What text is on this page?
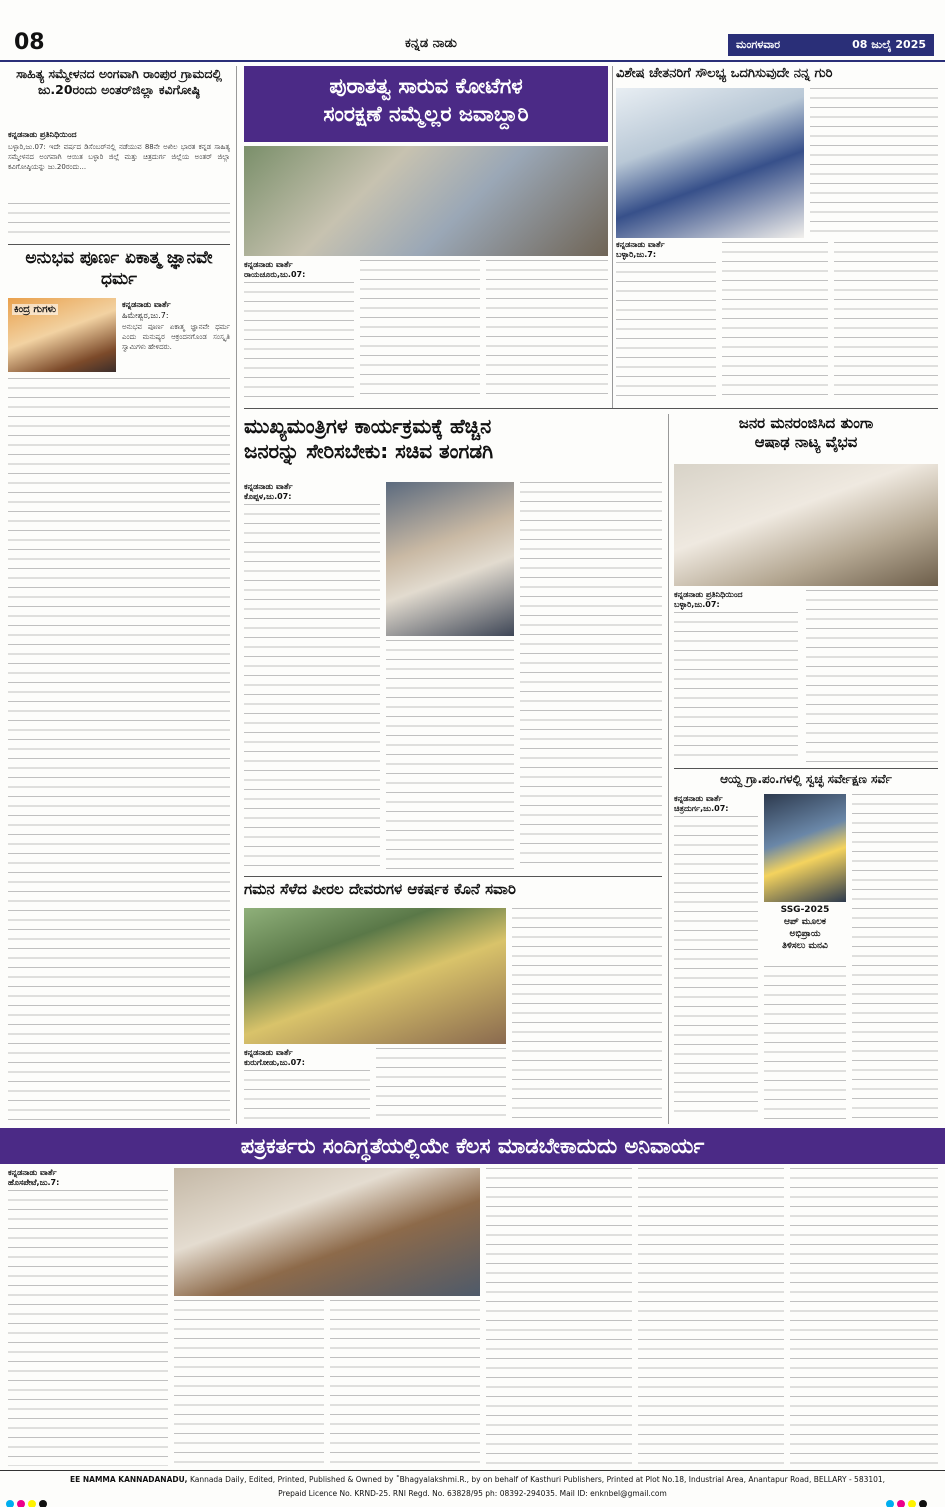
08	ಕನ್ನಡ ನಾಡು	ಮಂಗಳವಾರ	08 ಜುಲೈ 2025
ಸಾಹಿತ್ಯ ಸಮ್ಮೇಳನದ ಅಂಗವಾಗಿ ರಾಂಪುರ ಗ್ರಾಮದಲ್ಲಿ ಜು.20ರಂದು ಅಂತರ್‌ಜಿಲ್ಲಾ ಕವಿಗೋಷ್ಠಿ
ಕನ್ನಡನಾಡು ಪ್ರತಿನಿಧಿಯಿಂದ
ಬಳ್ಳಾರಿ,ಜು.07: ಇದೇ ವರ್ಷದ ಡಿಸೆಂಬರ್‌ನಲ್ಲಿ ನಡೆಯುವ 88ನೇ ಅಖಿಲ ಭಾರತ ಕನ್ನಡ ಸಾಹಿತ್ಯ ಸಮ್ಮೇಳನದ ಅಂಗವಾಗಿ ಆಯಿತ ಬಳ್ಳಾರಿ ಜಿಲ್ಲೆ ಮತ್ತು ಚಿತ್ರದುರ್ಗ ಜಿಲ್ಲೆಯ ಅಂತರ್ ಜಿಲ್ಲಾ ಕವಿಗೋಷ್ಠಿಯನ್ನು ಜು.20ರಂದು...
ಅನುಭವ ಪೂರ್ಣ ಏಕಾತ್ಮ ಜ್ಞಾನವೇ ಧರ್ಮ
ಕಿಂದ್ರ ಗುಗಳು	ಕನ್ನಡನಾಡು ವಾರ್ತೆ
ಹಿಮೇಶ್ವರ,ಜು.7:
ಅನುಭವ ಪೂರ್ಣ ಏಕಾತ್ಮ ಜ್ಞಾನವೇ ಧರ್ಮ ಎಂದು ಮನುಷ್ಯರ ಆಕ್ರಂದನಗೊಂಡ ಸಂಸ್ಕೃತಿ ಸ್ವಾಮಿಗಳು ಹೇಳಿದರು.
ಪುರಾತತ್ವ ಸಾರುವ ಕೋಟೆಗಳ
ಸಂರಕ್ಷಣೆ ನಮ್ಮೆಲ್ಲರ ಜವಾಬ್ದಾರಿ
ಕನ್ನಡನಾಡು ವಾರ್ತೆ
ರಾಯಚೂರು,ಜು.07:
ವಿಶೇಷ ಚೇತನರಿಗೆ ಸೌಲಭ್ಯ ಒದಗಿಸುವುದೇ ನನ್ನ ಗುರಿ
ಕನ್ನಡನಾಡು ವಾರ್ತೆ
ಬಳ್ಳಾರಿ,ಜು.7:
ಮುಖ್ಯಮಂತ್ರಿಗಳ ಕಾರ್ಯಕ್ರಮಕ್ಕೆ ಹೆಚ್ಚಿನ
ಜನರನ್ನು ಸೇರಿಸಬೇಕು: ಸಚಿವ ತಂಗಡಗಿ
ಕನ್ನಡನಾಡು ವಾರ್ತೆ
ಕೊಪ್ಪಳ,ಜು.07:
ಜನರ ಮನರಂಜಿಸಿದ ತುಂಗಾ
ಆಷಾಢ ನಾಟ್ಯ ವೈಭವ
ಕನ್ನಡನಾಡು ಪ್ರತಿನಿಧಿಯಿಂದ
ಬಳ್ಳಾರಿ,ಜು.07:
ಆಯ್ದ ಗ್ರಾ.ಪಂ.ಗಳಲ್ಲಿ ಸ್ವಚ್ಛ ಸರ್ವೇಕ್ಷಣ ಸರ್ವೆ
ಕನ್ನಡನಾಡು ವಾರ್ತೆ
ಚಿತ್ರದುರ್ಗ,ಜು.07:
SSG-2025
ಆಪ್ ಮೂಲಕ
ಅಭಿಪ್ರಾಯ
ತಿಳಿಸಲು ಮನವಿ
ಗಮನ ಸೆಳೆದ ಪೀರಲ ದೇವರುಗಳ ಆಕರ್ಷಕ ಕೊನೆ ಸವಾರಿ
ಕನ್ನಡನಾಡು ವಾರ್ತೆ
ಕುರುಗೋಡು,ಜು.07:
ಪತ್ರಕರ್ತರು ಸಂದಿಗ್ಧತೆಯಲ್ಲಿಯೇ ಕೆಲಸ ಮಾಡಬೇಕಾದುದು ಅನಿವಾರ್ಯ
ಕನ್ನಡನಾಡು ವಾರ್ತೆ
ಹೊಸಪೇಟೆ,ಜು.7:
EE NAMMA KANNADANADU, Kannada Daily, Edited, Printed, Published & Owned by ˚Bhagyalakshmi.R., by on behalf of Kasthuri Publishers, Printed at Plot No.18, Industrial Area, Anantapur Road, BELLARY - 583101,
Prepaid Licence No. KRND-25. RNI Regd. No. 63828/95 ph: 08392-294035. Mail ID: enknbel@gmail.com
